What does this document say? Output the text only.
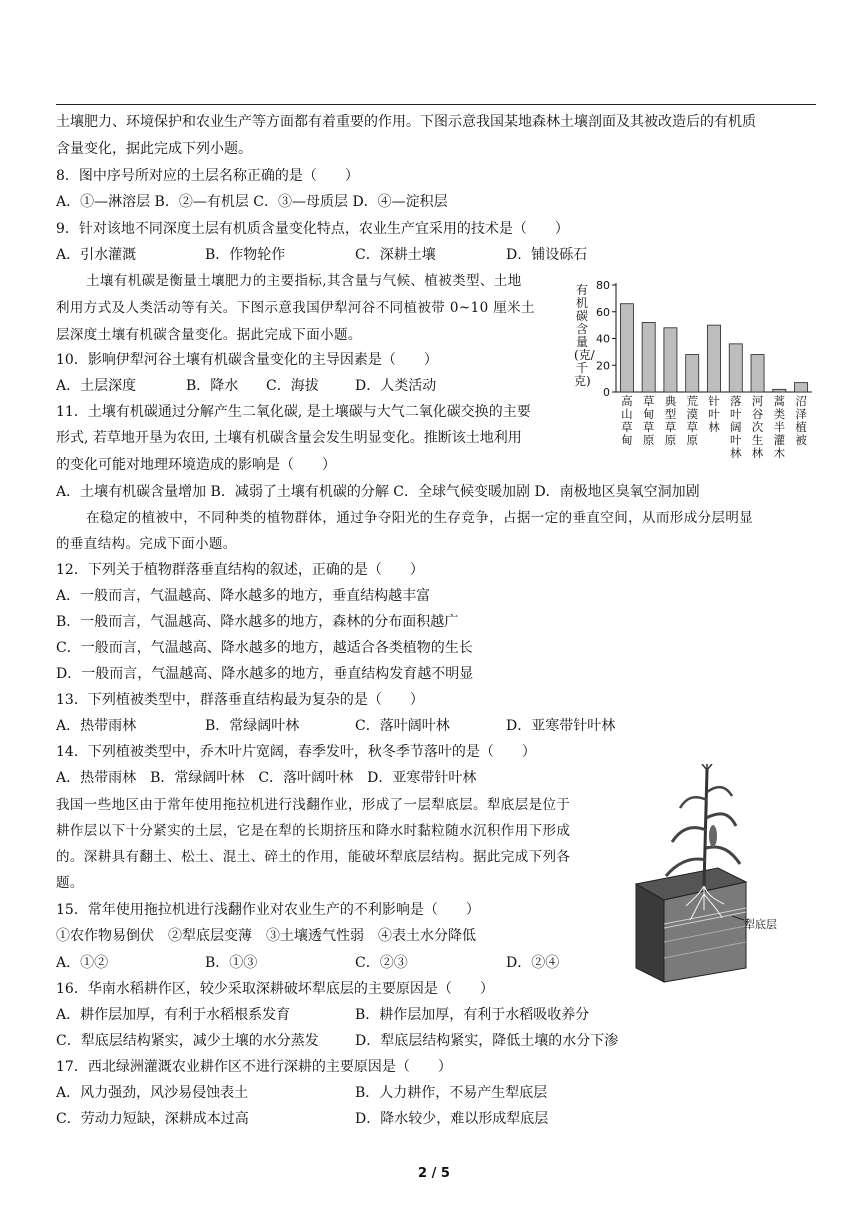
土壤肥力、环境保护和农业生产等方面都有着重要的作用。下图示意我国某地森林土壤剖面及其被改造后的有机质
含量变化，据此完成下列小题。
8．图中序号所对应的土层名称正确的是（　　）
A．①—淋溶层 B．②—有机层 C．③—母质层 D．④—淀积层
9．针对该地不同深度土层有机质含量变化特点，农业生产宜采用的技术是（　　）
A．引水灌溉	B．作物轮作	C．深耕土壤	D．铺设砾石
土壤有机碳是衡量土壤肥力的主要指标,其含量与气候、植被类型、土地
利用方式及人类活动等有关。下图示意我国伊犁河谷不同植被带 0~10 厘米土
层深度土壤有机碳含量变化。据此完成下面小题。
10．影响伊犁河谷土壤有机碳含量变化的主导因素是（　　）
A．土层深度	B．降水 C．海拔	D．人类活动
11．土壤有机碳通过分解产生二氧化碳, 是土壤碳与大气二氧化碳交换的主要
形式, 若草地开垦为农田, 土壤有机碳含量会发生明显变化。推断该土地利用
的变化可能对地理环境造成的影响是（　　）
A．土壤有机碳含量增加 B．减弱了土壤有机碳的分解 C．全球气候变暖加剧 D．南极地区臭氧空洞加剧
在稳定的植被中，不同种类的植物群体，通过争夺阳光的生存竞争，占据一定的垂直空间，从而形成分层明显
的垂直结构。完成下面小题。
12．下列关于植物群落垂直结构的叙述，正确的是（　　）
A．一般而言，气温越高、降水越多的地方，垂直结构越丰富
B．一般而言，气温越高、降水越多的地方，森林的分布面积越广
C．一般而言，气温越高、降水越多的地方，越适合各类植物的生长
D．一般而言，气温越高、降水越多的地方，垂直结构发育越不明显
13．下列植被类型中，群落垂直结构最为复杂的是（　　）
A．热带雨林	B．常绿阔叶林	C．落叶阔叶林	D．亚寒带针叶林
14．下列植被类型中，乔木叶片宽阔，春季发叶，秋冬季节落叶的是（　　）
A．热带雨林　B．常绿阔叶林　C．落叶阔叶林　D．亚寒带针叶林
我国一些地区由于常年使用拖拉机进行浅翻作业，形成了一层犁底层。犁底层是位于
耕作层以下十分紧实的土层，它是在犁的长期挤压和降水时黏粒随水沉积作用下形成
的。深耕具有翻土、松土、混土、碎土的作用，能破坏犁底层结构。据此完成下列各
题。
15．常年使用拖拉机进行浅翻作业对农业生产的不利影响是（　　）
①农作物易倒伏　②犁底层变薄　③土壤透气性弱　④表土水分降低
A．①②	B．①③	C．②③	D．②④
16．华南水稻耕作区，较少采取深耕破坏犁底层的主要原因是（　　）
A．耕作层加厚，有利于水稻根系发育	B．耕作层加厚，有利于水稻吸收养分
C．犁底层结构紧实，减少土壤的水分蒸发	D．犁底层结构紧实，降低土壤的水分下渗
17．西北绿洲灌溉农业耕作区不进行深耕的主要原因是（　　）
A．风力强劲，风沙易侵蚀表土	B．人力耕作，不易产生犁底层
C．劳动力短缺，深耕成本过高	D．降水较少，难以形成犁底层
有机碳含量(克/千克)
0
20
40
60
80
高山草甸
草甸草原
典型草原
荒漠草原
针叶林
落叶阔叶林
河谷次生林
蒿类半灌木
沼泽植被
犁底层
2 / 5
